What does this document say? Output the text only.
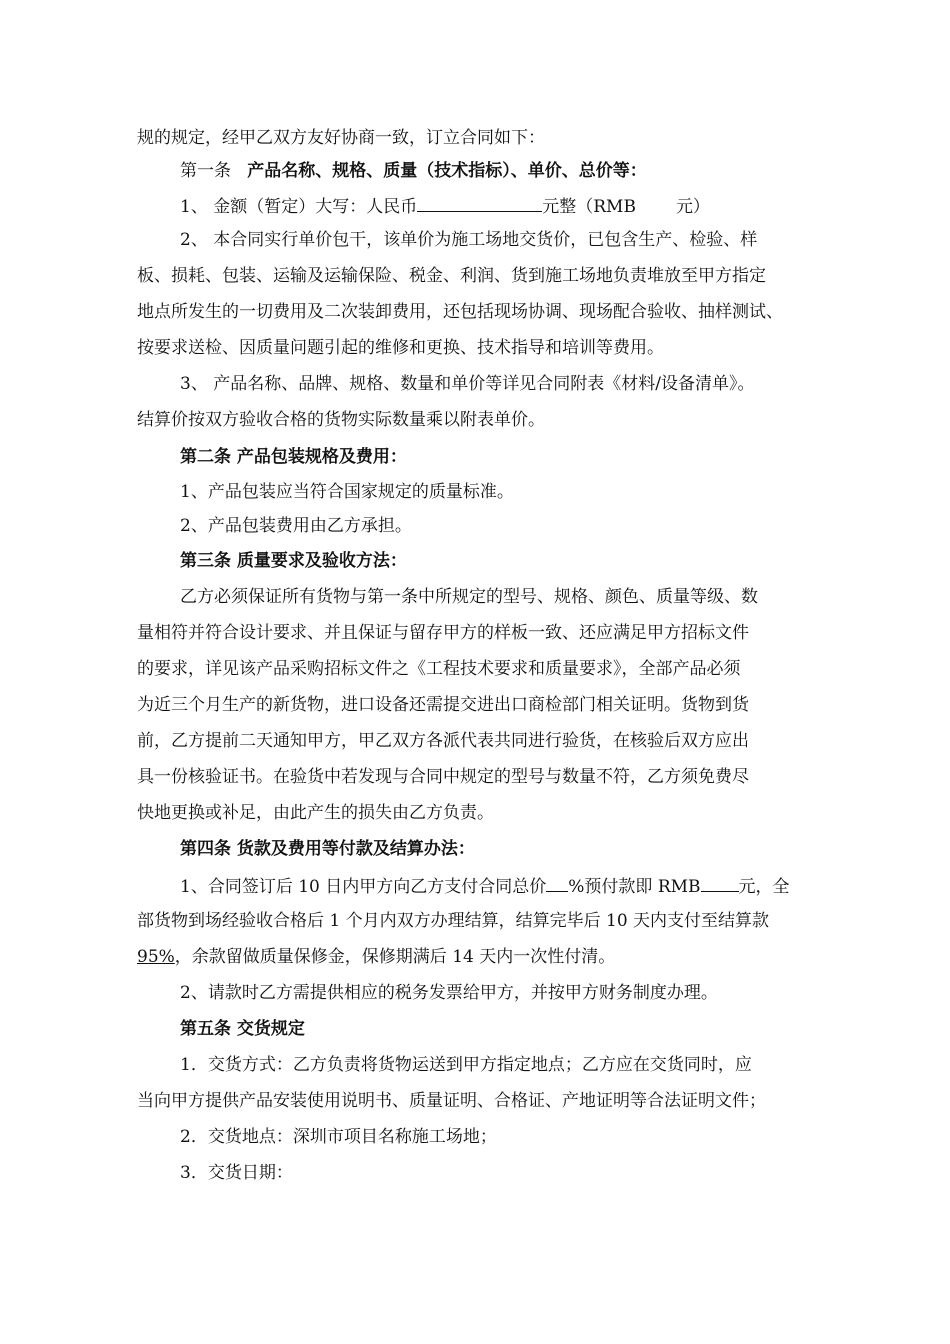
规的规定，经甲乙双方友好协商一致，订立合同如下：
第一条 产品名称、规格、质量（技术指标）、单价、总价等：
1、 金额（暂定）大写：人民币	元整（RMB 元）
2、 本合同实行单价包干，该单价为施工场地交货价，已包含生产、检验、样
板、损耗、包装、运输及运输保险、税金、利润、货到施工场地负责堆放至甲方指定
地点所发生的一切费用及二次装卸费用，还包括现场协调、现场配合验收、抽样测试、
按要求送检、因质量问题引起的维修和更换、技术指导和培训等费用。
3、 产品名称、品牌、规格、数量和单价等详见合同附表《材料/设备清单》。
结算价按双方验收合格的货物实际数量乘以附表单价。
第二条 产品包装规格及费用：
1、产品包装应当符合国家规定的质量标准。
2、产品包装费用由乙方承担。
第三条 质量要求及验收方法：
乙方必须保证所有货物与第一条中所规定的型号、规格、颜色、质量等级、数
量相符并符合设计要求、并且保证与留存甲方的样板一致、还应满足甲方招标文件
的要求，详见该产品采购招标文件之《工程技术要求和质量要求》，全部产品必须
为近三个月生产的新货物，进口设备还需提交进出口商检部门相关证明。货物到货
前，乙方提前二天通知甲方，甲乙双方各派代表共同进行验货，在核验后双方应出
具一份核验证书。在验货中若发现与合同中规定的型号与数量不符，乙方须免费尽
快地更换或补足，由此产生的损失由乙方负责。
第四条 货款及费用等付款及结算办法：
1、合同签订后 10 日内甲方向乙方支付合同总价 %预付款即 RMB 元，全
部货物到场经验收合格后 1 个月内双方办理结算，结算完毕后 10 天内支付至结算款
95%，余款留做质量保修金，保修期满后 14 天内一次性付清。
2、请款时乙方需提供相应的税务发票给甲方，并按甲方财务制度办理。
第五条 交货规定
1．交货方式：乙方负责将货物运送到甲方指定地点；乙方应在交货同时，应
当向甲方提供产品安装使用说明书、质量证明、合格证、产地证明等合法证明文件；
2．交货地点：深圳市项目名称施工场地；
3．交货日期：
